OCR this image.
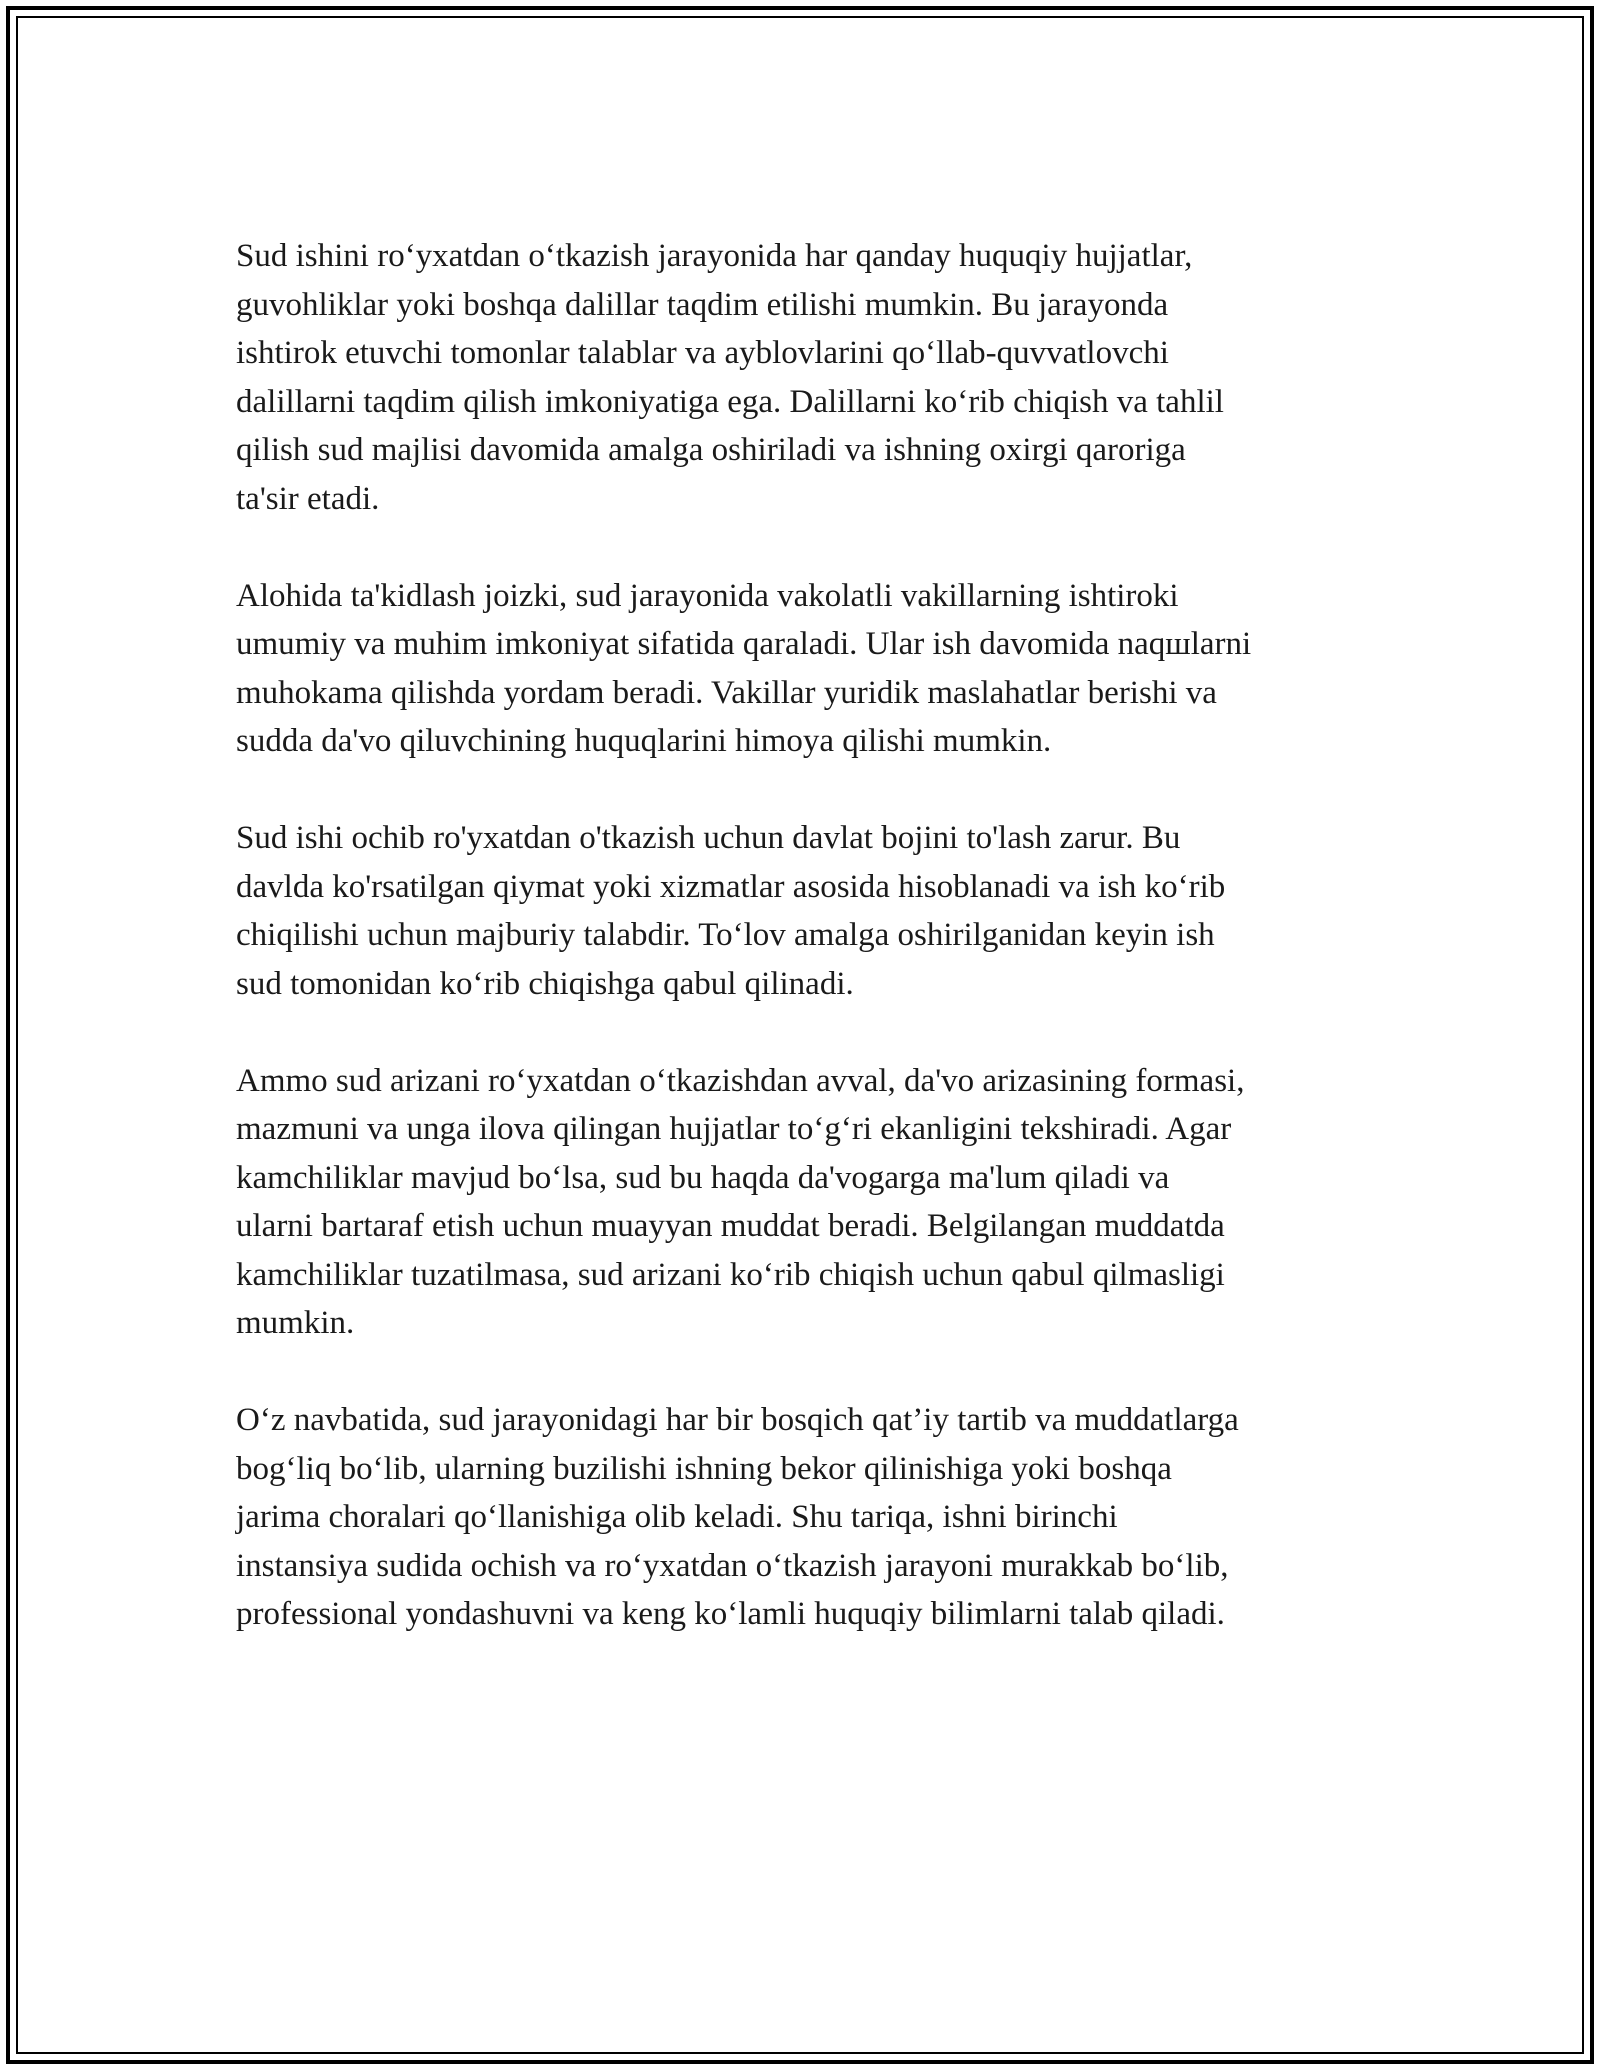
Sud ishini ro‘yxatdan o‘tkazish jarayonida har qanday huquqiy hujjatlar,
guvohliklar yoki boshqa dalillar taqdim etilishi mumkin. Bu jarayonda
ishtirok etuvchi tomonlar talablar va ayblovlarini qo‘llab-quvvatlovchi
dalillarni taqdim qilish imkoniyatiga ega. Dalillarni ko‘rib chiqish va tahlil
qilish sud majlisi davomida amalga oshiriladi va ishning oxirgi qaroriga
ta'sir etadi.

Alohida ta'kidlash joizki, sud jarayonida vakolatli vakillarning ishtiroki
umumiy va muhim imkoniyat sifatida qaraladi. Ular ish davomida naqшlarni
muhokama qilishda yordam beradi. Vakillar yuridik maslahatlar berishi va
sudda da'vo qiluvchining huquqlarini himoya qilishi mumkin.

Sud ishi ochib ro'yxatdan o'tkazish uchun davlat bojini to'lash zarur. Bu
davlda ko'rsatilgan qiymat yoki xizmatlar asosida hisoblanadi va ish ko‘rib
chiqilishi uchun majburiy talabdir. To‘lov amalga oshirilganidan keyin ish
sud tomonidan ko‘rib chiqishga qabul qilinadi.

Ammo sud arizani ro‘yxatdan o‘tkazishdan avval, da'vo arizasining formasi,
mazmuni va unga ilova qilingan hujjatlar to‘g‘ri ekanligini tekshiradi. Agar
kamchiliklar mavjud bo‘lsa, sud bu haqda da'vogarga ma'lum qiladi va
ularni bartaraf etish uchun muayyan muddat beradi. Belgilangan muddatda
kamchiliklar tuzatilmasa, sud arizani ko‘rib chiqish uchun qabul qilmasligi
mumkin.

O‘z navbatida, sud jarayonidagi har bir bosqich qat’iy tartib va muddatlarga
bog‘liq bo‘lib, ularning buzilishi ishning bekor qilinishiga yoki boshqa
jarima choralari qo‘llanishiga olib keladi. Shu tariqa, ishni birinchi
instansiya sudida ochish va ro‘yxatdan o‘tkazish jarayoni murakkab bo‘lib,
professional yondashuvni va keng ko‘lamli huquqiy bilimlarni talab qiladi.
